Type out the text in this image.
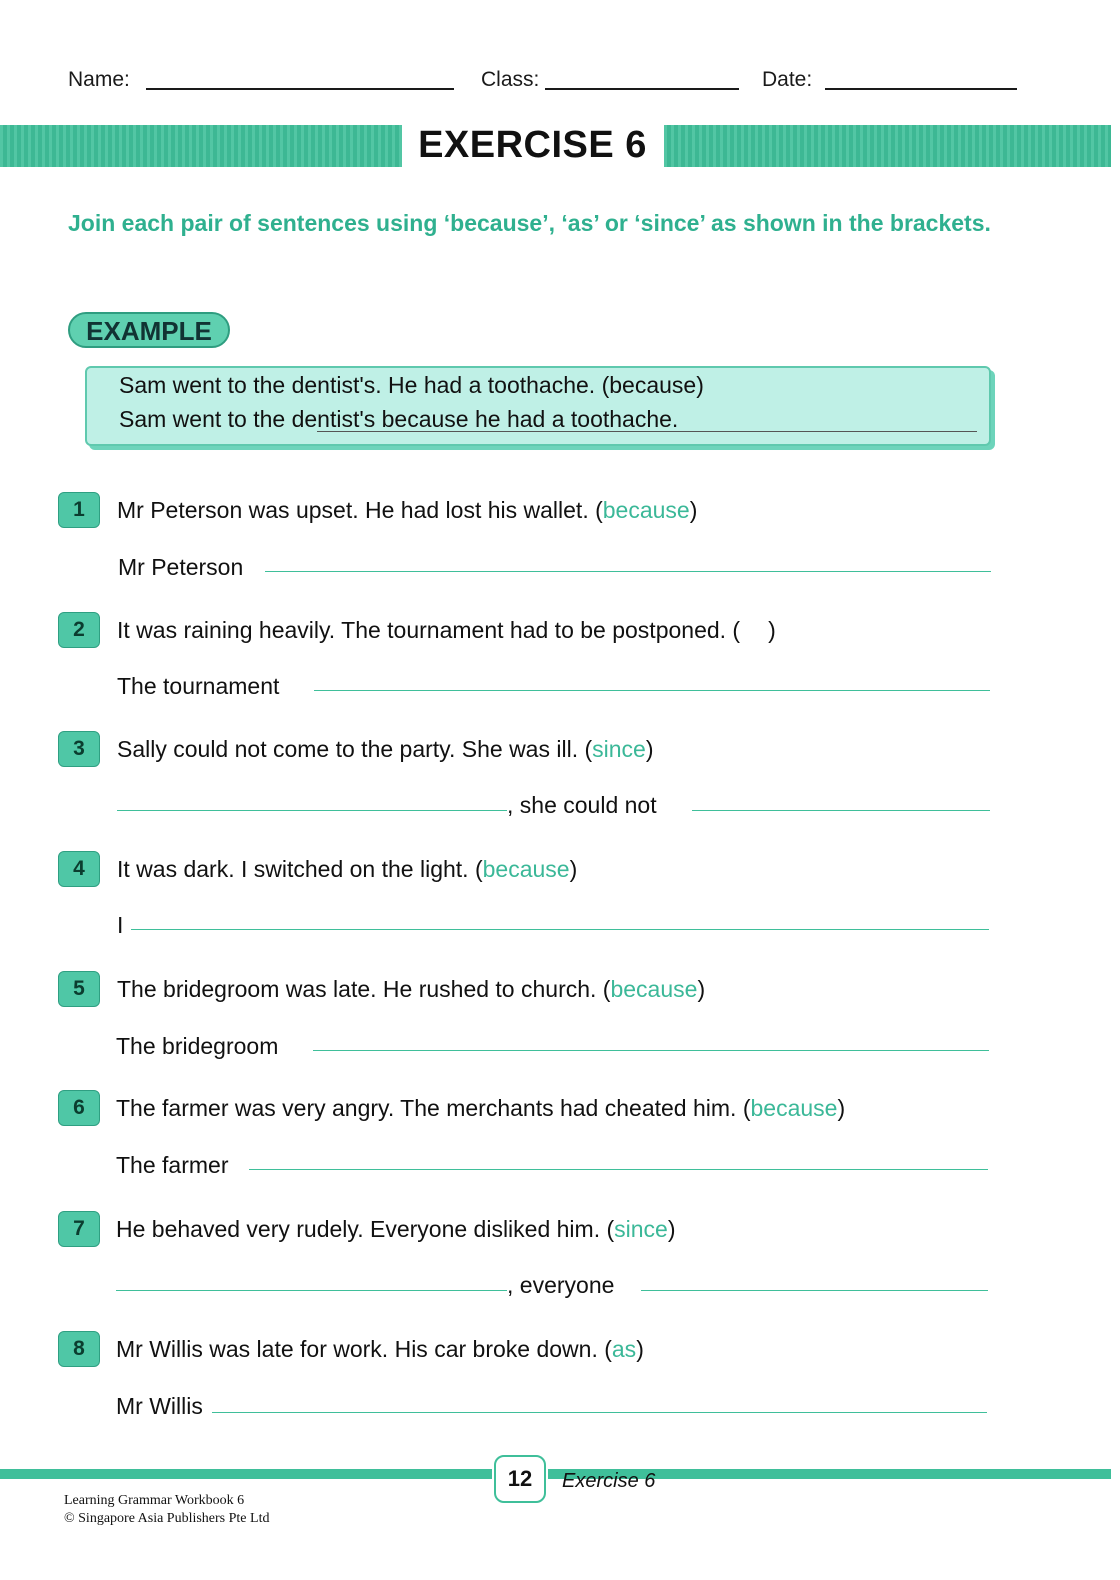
Name:	Class:	Date:
EXERCISE 6
Join each pair of sentences using ‘because’, ‘as’ or ‘since’ as shown in the brackets.
EXAMPLE
Sam went to the dentist's. He had a toothache. (because)
Sam went to the dentist's because he had a toothache.
1	Mr Peterson was upset. He had lost his wallet. (because)
Mr Peterson
2	It was raining heavily. The tournament had to be postponed. ( )
The tournament
3	Sally could not come to the party. She was ill. (since)
, she could not
4	It was dark. I switched on the light. (because)
I
5	The bridegroom was late. He rushed to church. (because)
The bridegroom
6	The farmer was very angry. The merchants had cheated him. (because)
The farmer
7	He behaved very rudely. Everyone disliked him. (since)
, everyone
8	Mr Willis was late for work. His car broke down. (as)
Mr Willis
12	Exercise 6
Learning Grammar Workbook 6
© Singapore Asia Publishers Pte Ltd
